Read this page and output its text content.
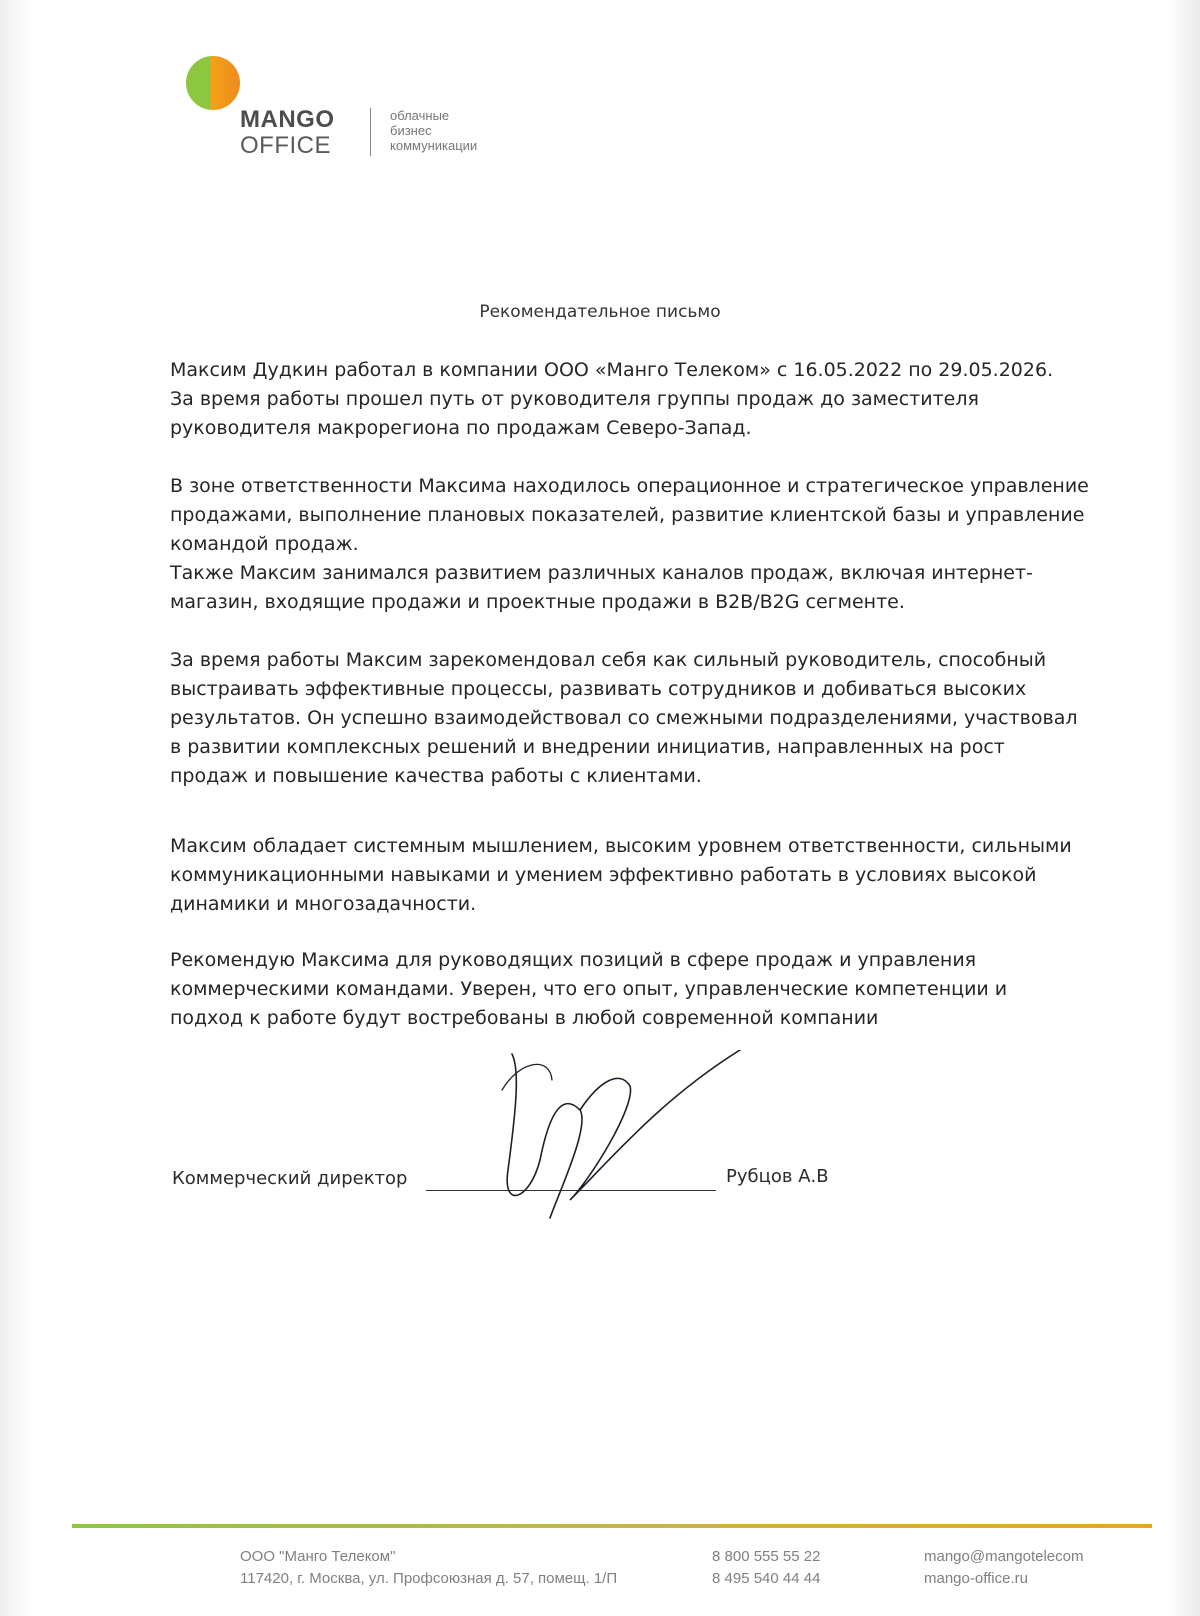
MANGO
OFFICE
облачные
бизнес
коммуникации
Рекомендательное письмо
Максим Дудкин работал в компании ООО «Манго Телеком» с 16.05.2022 по 29.05.2026.
За время работы прошел путь от руководителя группы продаж до заместителя
руководителя макрорегиона по продажам Северо-Запад.
В зоне ответственности Максима находилось операционное и стратегическое управление
продажами, выполнение плановых показателей, развитие клиентской базы и управление
командой продаж.
Также Максим занимался развитием различных каналов продаж, включая интернет-
магазин, входящие продажи и проектные продажи в B2B/B2G сегменте.
За время работы Максим зарекомендовал себя как сильный руководитель, способный
выстраивать эффективные процессы, развивать сотрудников и добиваться высоких
результатов. Он успешно взаимодействовал со смежными подразделениями, участвовал
в развитии комплексных решений и внедрении инициатив, направленных на рост
продаж и повышение качества работы с клиентами.
Максим обладает системным мышлением, высоким уровнем ответственности, сильными
коммуникационными навыками и умением эффективно работать в условиях высокой
динамики и многозадачности.
Рекомендую Максима для руководящих позиций в сфере продаж и управления
коммерческими командами. Уверен, что его опыт, управленческие компетенции и
подход к работе будут востребованы в любой современной компании
Коммерческий директор	Рубцов А.В
ООО "Манго Телеком"
117420, г. Москва, ул. Профсоюзная д. 57, помещ. 1/П
8 800 555 55 22
8 495 540 44 44
mango@mangotelecom
mango-office.ru
